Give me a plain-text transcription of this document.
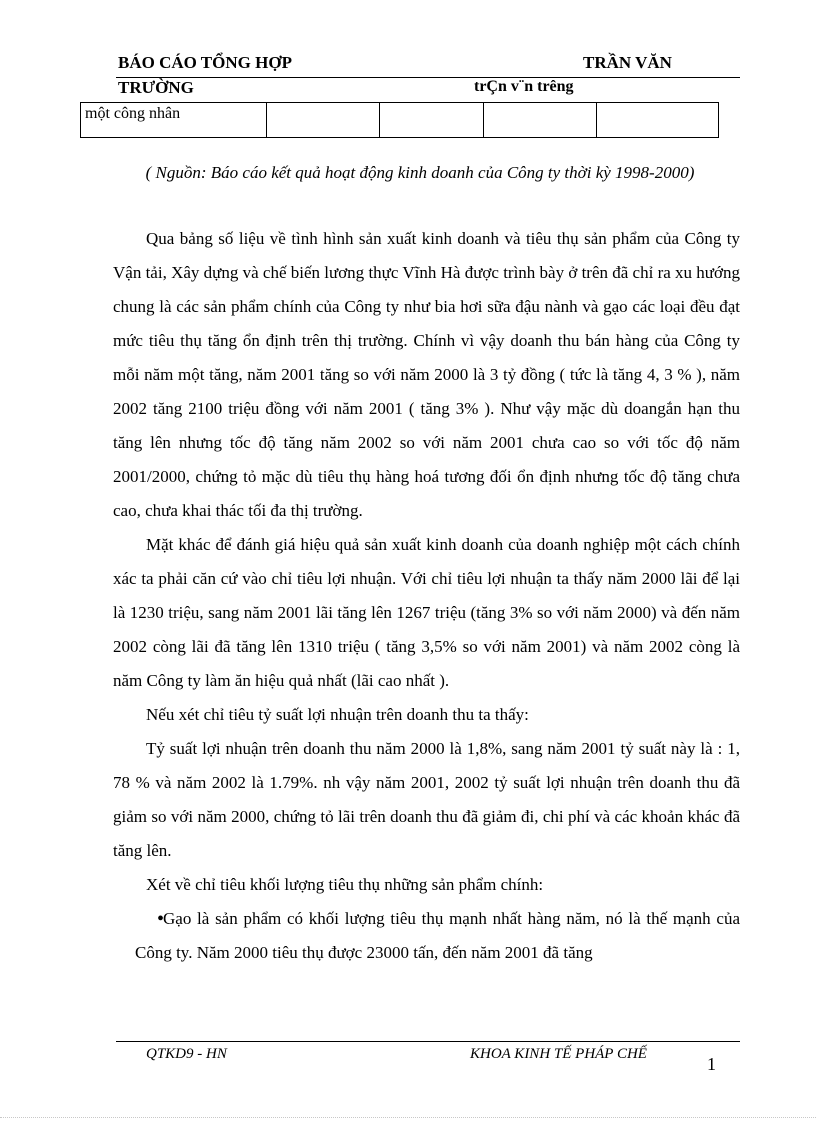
BÁO CÁO TỔNG HỢP	TRẦN VĂN
TRƯỜNG	trÇn v¨n trêng
một công nhân				
( Nguồn: Báo cáo kết quả hoạt động kinh doanh của Công ty thời kỳ 1998-2000)

Qua bảng số liệu về tình hình sản xuất kinh doanh và tiêu thụ sản phẩm của Công ty Vận tải, Xây dựng và chế biến lương thực Vĩnh Hà được trình bày ở trên đã chỉ ra xu hướng chung là các sản phẩm chính của Công ty như bia hơi sữa đậu nành và gạo các loại đều đạt mức tiêu thụ tăng ổn định trên thị trường. Chính vì vậy doanh thu bán hàng của Công ty mỗi năm một tăng, năm 2001 tăng so với năm 2000 là 3 tỷ đồng ( tức là tăng 4, 3 % ), năm 2002 tăng 2100 triệu đồng với năm 2001 ( tăng 3% ). Như vậy mặc dù doangắn hạn thu tăng lên nhưng tốc độ tăng năm 2002 so với năm 2001 chưa cao so với tốc độ năm 2001/2000, chứng tỏ mặc dù tiêu thụ hàng hoá tương đối ổn định nhưng tốc độ tăng chưa cao, chưa khai thác tối đa thị trường.

Mặt khác để đánh giá hiệu quả sản xuất kinh doanh của doanh nghiệp một cách chính xác ta phải căn cứ vào chỉ tiêu lợi nhuận. Với chỉ tiêu lợi nhuận ta thấy năm 2000 lãi để lại là 1230 triệu, sang năm 2001 lãi tăng lên 1267 triệu (tăng 3% so với năm 2000) và đến năm 2002 còng lãi đã tăng lên 1310 triệu ( tăng 3,5% so với năm 2001) và năm 2002 còng là năm Công ty làm ăn hiệu quả nhất (lãi cao nhất ).

Nếu xét chỉ tiêu tỷ suất lợi nhuận trên doanh thu ta thấy:

Tỷ suất lợi nhuận trên doanh thu năm 2000 là 1,8%, sang năm 2001 tỷ suất này là : 1, 78 % và năm 2002 là 1.79%. nh vậy năm 2001, 2002 tỷ suất lợi nhuận trên doanh thu đã giảm so với năm 2000, chứng tỏ lãi trên doanh thu đã giảm đi, chi phí và các khoản khác đã tăng lên.

Xét về chỉ tiêu khối lượng tiêu thụ những sản phẩm chính:

•
Gạo là sản phẩm có khối lượng tiêu thụ mạnh nhất hàng năm, nó là thế mạnh của Công ty. Năm 2000 tiêu thụ được 23000 tấn, đến năm 2001 đã tăng

QTKD9 - HN	KHOA KINH TẾ PHÁP CHẾ	1
